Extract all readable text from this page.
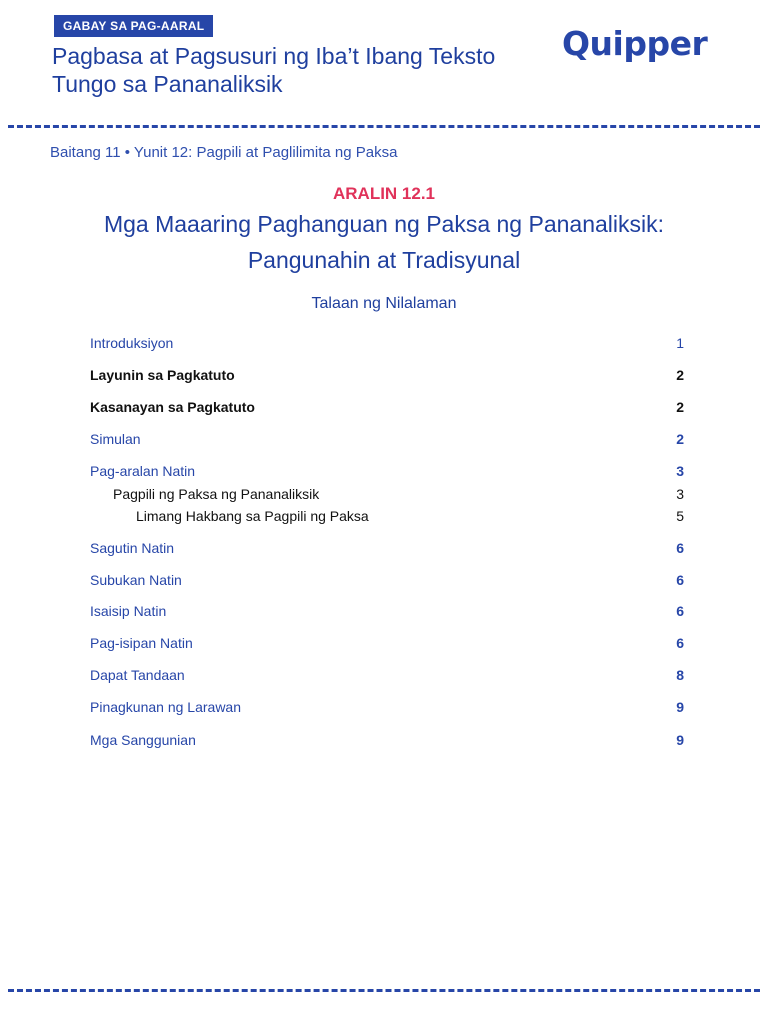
GABAY SA PAG-AARAL
Pagbasa at Pagsusuri ng Iba’t Ibang Teksto Tungo sa Pananaliksik
Quipper
Baitang 11 • Yunit 12: Pagpili at Paglilimita ng Paksa
ARALIN 12.1
Mga Maaaring Paghanguan ng Paksa ng Pananaliksik: Pangunahin at Tradisyunal
Talaan ng Nilalaman
Introduksiyon	1
Layunin sa Pagkatuto	2
Kasanayan sa Pagkatuto	2
Simulan	2
Pag-aralan Natin	3
Pagpili ng Paksa ng Pananaliksik	3
Limang Hakbang sa Pagpili ng Paksa	5
Sagutin Natin	6
Subukan Natin	6
Isaisip Natin	6
Pag-isipan Natin	6
Dapat Tandaan	8
Pinagkunan ng Larawan	9
Mga Sanggunian	9
